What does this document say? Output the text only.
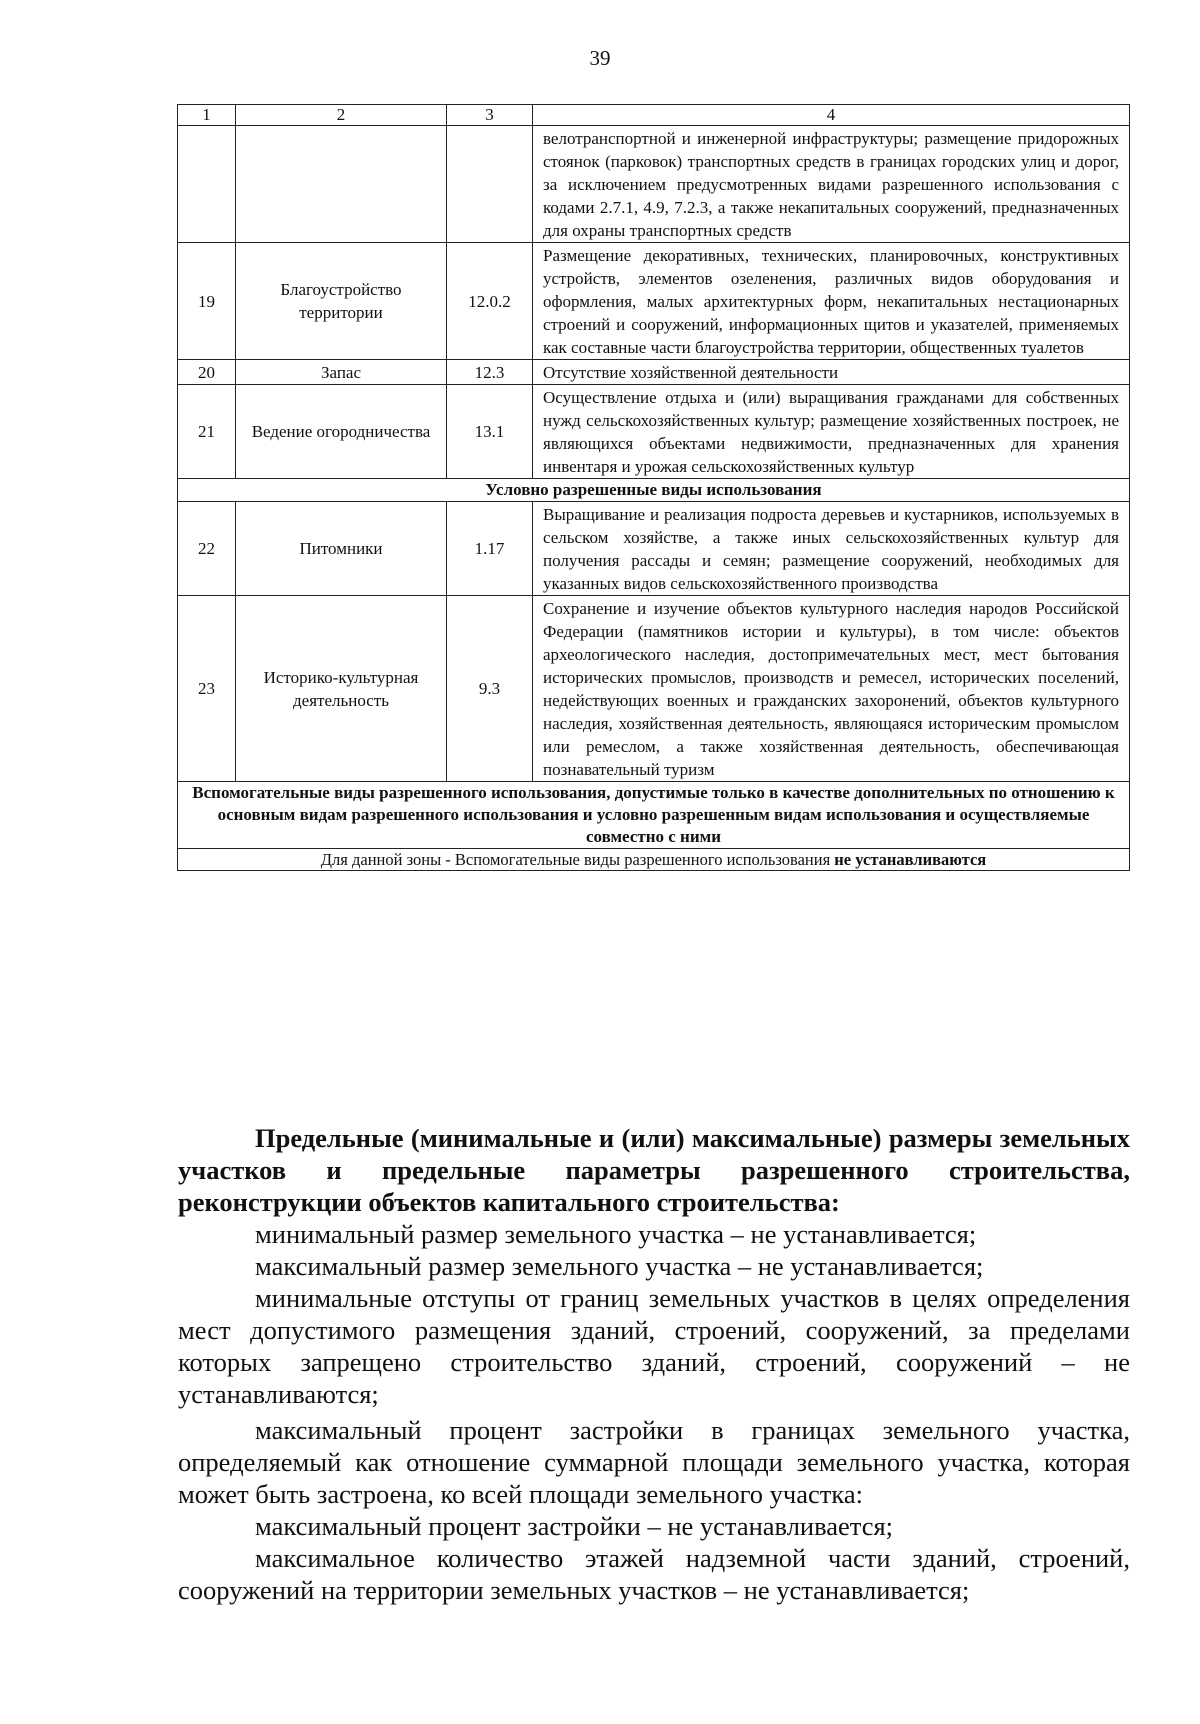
39
1	2	3	4
			велотранспортной и инженерной инфраструктуры; размещение придорожных стоянок (парковок) транспортных средств в границах городских улиц и дорог, за исключением предусмотренных видами разрешенного использования с кодами 2.7.1, 4.9, 7.2.3, а также некапитальных сооружений, предназначенных для охраны транспортных средств
19	Благоустройство территории	12.0.2	Размещение декоративных, технических, планировочных, конструктивных устройств, элементов озеленения, различных видов оборудования и оформления, малых архитектурных форм, некапитальных нестационарных строений и сооружений, информационных щитов и указателей, применяемых как составные части благоустройства территории, общественных туалетов
20	Запас	12.3	Отсутствие хозяйственной деятельности
21	Ведение огородничества	13.1	Осуществление отдыха и (или) выращивания гражданами для собственных нужд сельскохозяйственных культур; размещение хозяйственных построек, не являющихся объектами недвижимости, предназначенных для хранения инвентаря и урожая сельскохозяйственных культур
Условно разрешенные виды использования			
22	Питомники	1.17	Выращивание и реализация подроста деревьев и кустарников, используемых в сельском хозяйстве, а также иных сельскохозяйственных культур для получения рассады и семян; размещение сооружений, необходимых для указанных видов сельскохозяйственного производства
23	Историко-культурная деятельность	9.3	Сохранение и изучение объектов культурного наследия народов Российской Федерации (памятников истории и культуры), в том числе: объектов археологического наследия, достопримечательных мест, мест бытования исторических промыслов, производств и ремесел, исторических поселений, недействующих военных и гражданских захоронений, объектов культурного наследия, хозяйственная деятельность, являющаяся историческим промыслом или ремеслом, а также хозяйственная деятельность, обеспечивающая познавательный туризм
Вспомогательные виды разрешенного использования, допустимые только в качестве дополнительных по отношению к основным видам разрешенного использования и условно разрешенным видам использования и осуществляемые совместно с ними			
Для данной зоны - Вспомогательные виды разрешенного использования не устанавливаются			

Предельные (минимальные и (или) максимальные) размеры земельных участков и предельные параметры разрешенного строительства, реконструкции объектов капитального строительства:

минимальный размер земельного участка – не устанавливается;

максимальный размер земельного участка – не устанавливается;

минимальные отступы от границ земельных участков в целях определения мест допустимого размещения зданий, строений, сооружений, за пределами которых запрещено строительство зданий, строений, сооружений – не устанавливаются;

максимальный процент застройки в границах земельного участка, определяемый как отношение суммарной площади земельного участка, которая может быть застроена, ко всей площади земельного участка:

максимальный процент застройки – не устанавливается;

максимальное количество этажей надземной части зданий, строений, сооружений на территории земельных участков – не устанавливается;
